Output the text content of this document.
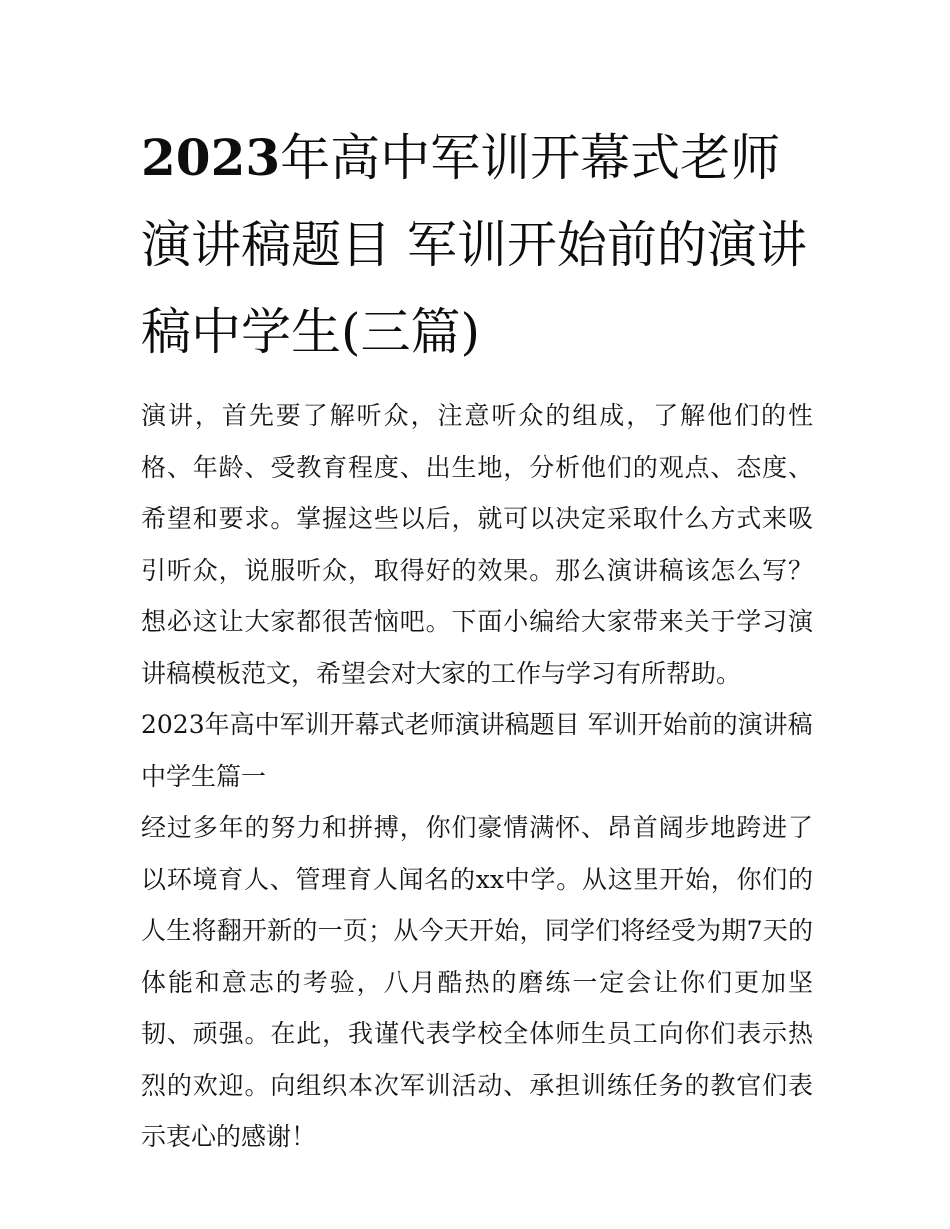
2023年高中军训开幕式老师演讲稿题目 军训开始前的演讲稿中学生(三篇)

演讲，首先要了解听众，注意听众的组成，了解他们的性格、年龄、受教育程度、出生地，分析他们的观点、态度、希望和要求。掌握这些以后，就可以决定采取什么方式来吸引听众，说服听众，取得好的效果。那么演讲稿该怎么写？想必这让大家都很苦恼吧。下面小编给大家带来关于学习演讲稿模板范文，希望会对大家的工作与学习有所帮助。

2023年高中军训开幕式老师演讲稿题目 军训开始前的演讲稿中学生篇一

经过多年的努力和拼搏，你们豪情满怀、昂首阔步地跨进了以环境育人、管理育人闻名的xx中学。从这里开始，你们的人生将翻开新的一页；从今天开始，同学们将经受为期7天的体能和意志的考验，八月酷热的磨练一定会让你们更加坚韧、顽强。在此，我谨代表学校全体师生员工向你们表示热烈的欢迎。向组织本次军训活动、承担训练任务的教官们表示衷心的感谢！
